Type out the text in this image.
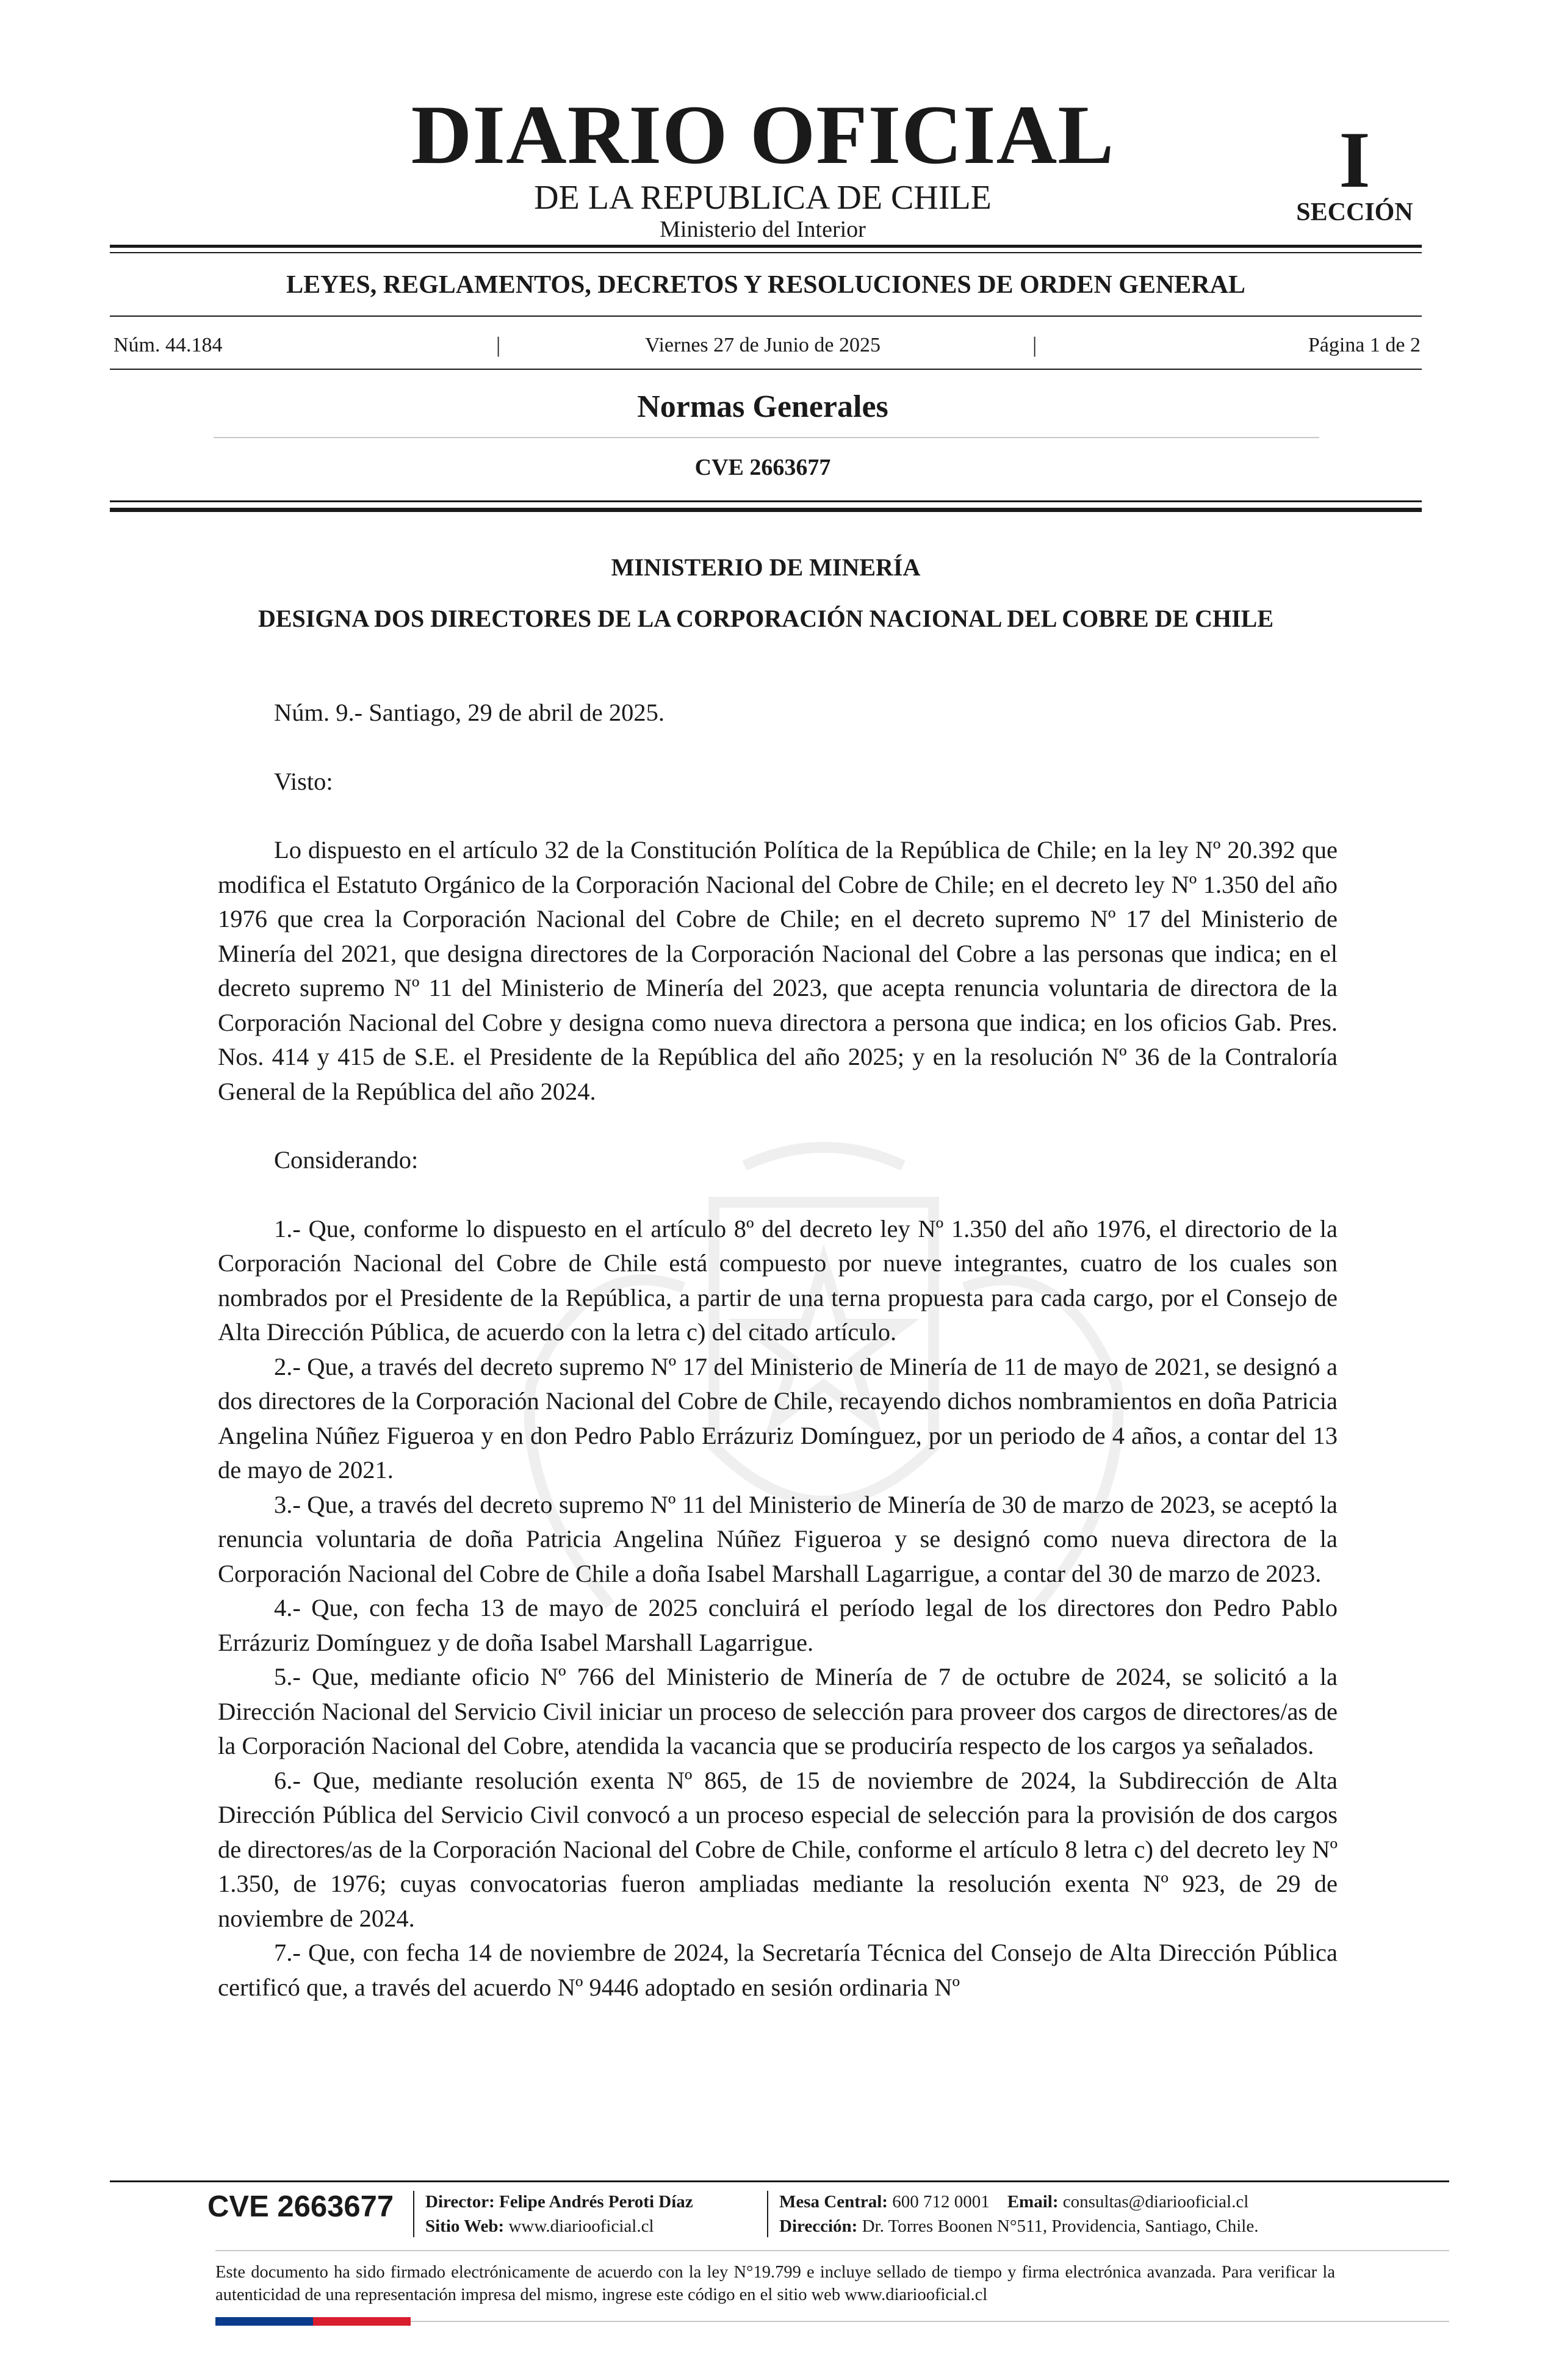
DIARIO OFICIAL
DE LA REPUBLICA DE CHILE
Ministerio del Interior
I
SECCIÓN
LEYES, REGLAMENTOS, DECRETOS Y RESOLUCIONES DE ORDEN GENERAL
Núm. 44.184	|	Viernes 27 de Junio de 2025	|	Página 1 de 2
Normas Generales
CVE 2663677
MINISTERIO DE MINERÍA
DESIGNA DOS DIRECTORES DE LA CORPORACIÓN NACIONAL DEL COBRE DE CHILE

Núm. 9.- Santiago, 29 de abril de 2025.

Visto:

Lo dispuesto en el artículo 32 de la Constitución Política de la República de Chile; en la ley Nº 20.392 que modifica el Estatuto Orgánico de la Corporación Nacional del Cobre de Chile; en el decreto ley Nº 1.350 del año 1976 que crea la Corporación Nacional del Cobre de Chile; en el decreto supremo Nº 17 del Ministerio de Minería del 2021, que designa directores de la Corporación Nacional del Cobre a las personas que indica; en el decreto supremo Nº 11 del Ministerio de Minería del 2023, que acepta renuncia voluntaria de directora de la Corporación Nacional del Cobre y designa como nueva directora a persona que indica; en los oficios Gab. Pres. Nos. 414 y 415 de S.E. el Presidente de la República del año 2025; y en la resolución Nº 36 de la Contraloría General de la República del año 2024.

Considerando:

1.- Que, conforme lo dispuesto en el artículo 8º del decreto ley Nº 1.350 del año 1976, el directorio de la Corporación Nacional del Cobre de Chile está compuesto por nueve integrantes, cuatro de los cuales son nombrados por el Presidente de la República, a partir de una terna propuesta para cada cargo, por el Consejo de Alta Dirección Pública, de acuerdo con la letra c) del citado artículo.

2.- Que, a través del decreto supremo Nº 17 del Ministerio de Minería de 11 de mayo de 2021, se designó a dos directores de la Corporación Nacional del Cobre de Chile, recayendo dichos nombramientos en doña Patricia Angelina Núñez Figueroa y en don Pedro Pablo Errázuriz Domínguez, por un periodo de 4 años, a contar del 13 de mayo de 2021.

3.- Que, a través del decreto supremo Nº 11 del Ministerio de Minería de 30 de marzo de 2023, se aceptó la renuncia voluntaria de doña Patricia Angelina Núñez Figueroa y se designó como nueva directora de la Corporación Nacional del Cobre de Chile a doña Isabel Marshall Lagarrigue, a contar del 30 de marzo de 2023.

4.- Que, con fecha 13 de mayo de 2025 concluirá el período legal de los directores don Pedro Pablo Errázuriz Domínguez y de doña Isabel Marshall Lagarrigue.

5.- Que, mediante oficio Nº 766 del Ministerio de Minería de 7 de octubre de 2024, se solicitó a la Dirección Nacional del Servicio Civil iniciar un proceso de selección para proveer dos cargos de directores/as de la Corporación Nacional del Cobre, atendida la vacancia que se produciría respecto de los cargos ya señalados.

6.- Que, mediante resolución exenta Nº 865, de 15 de noviembre de 2024, la Subdirección de Alta Dirección Pública del Servicio Civil convocó a un proceso especial de selección para la provisión de dos cargos de directores/as de la Corporación Nacional del Cobre de Chile, conforme el artículo 8 letra c) del decreto ley Nº 1.350, de 1976; cuyas convocatorias fueron ampliadas mediante la resolución exenta Nº 923, de 29 de noviembre de 2024.

7.- Que, con fecha 14 de noviembre de 2024, la Secretaría Técnica del Consejo de Alta Dirección Pública certificó que, a través del acuerdo Nº 9446 adoptado en sesión ordinaria Nº

CVE 2663677	Director: Felipe Andrés Peroti Díaz
Sitio Web: www.diariooficial.cl
Mesa Central: 600 712 0001 Email: consultas@diariooficial.cl
Dirección: Dr. Torres Boonen N°511, Providencia, Santiago, Chile.
Este documento ha sido firmado electrónicamente de acuerdo con la ley N°19.799 e incluye sellado de tiempo y firma electrónica avanzada. Para verificar la autenticidad de una representación impresa del mismo, ingrese este código en el sitio web www.diariooficial.cl
